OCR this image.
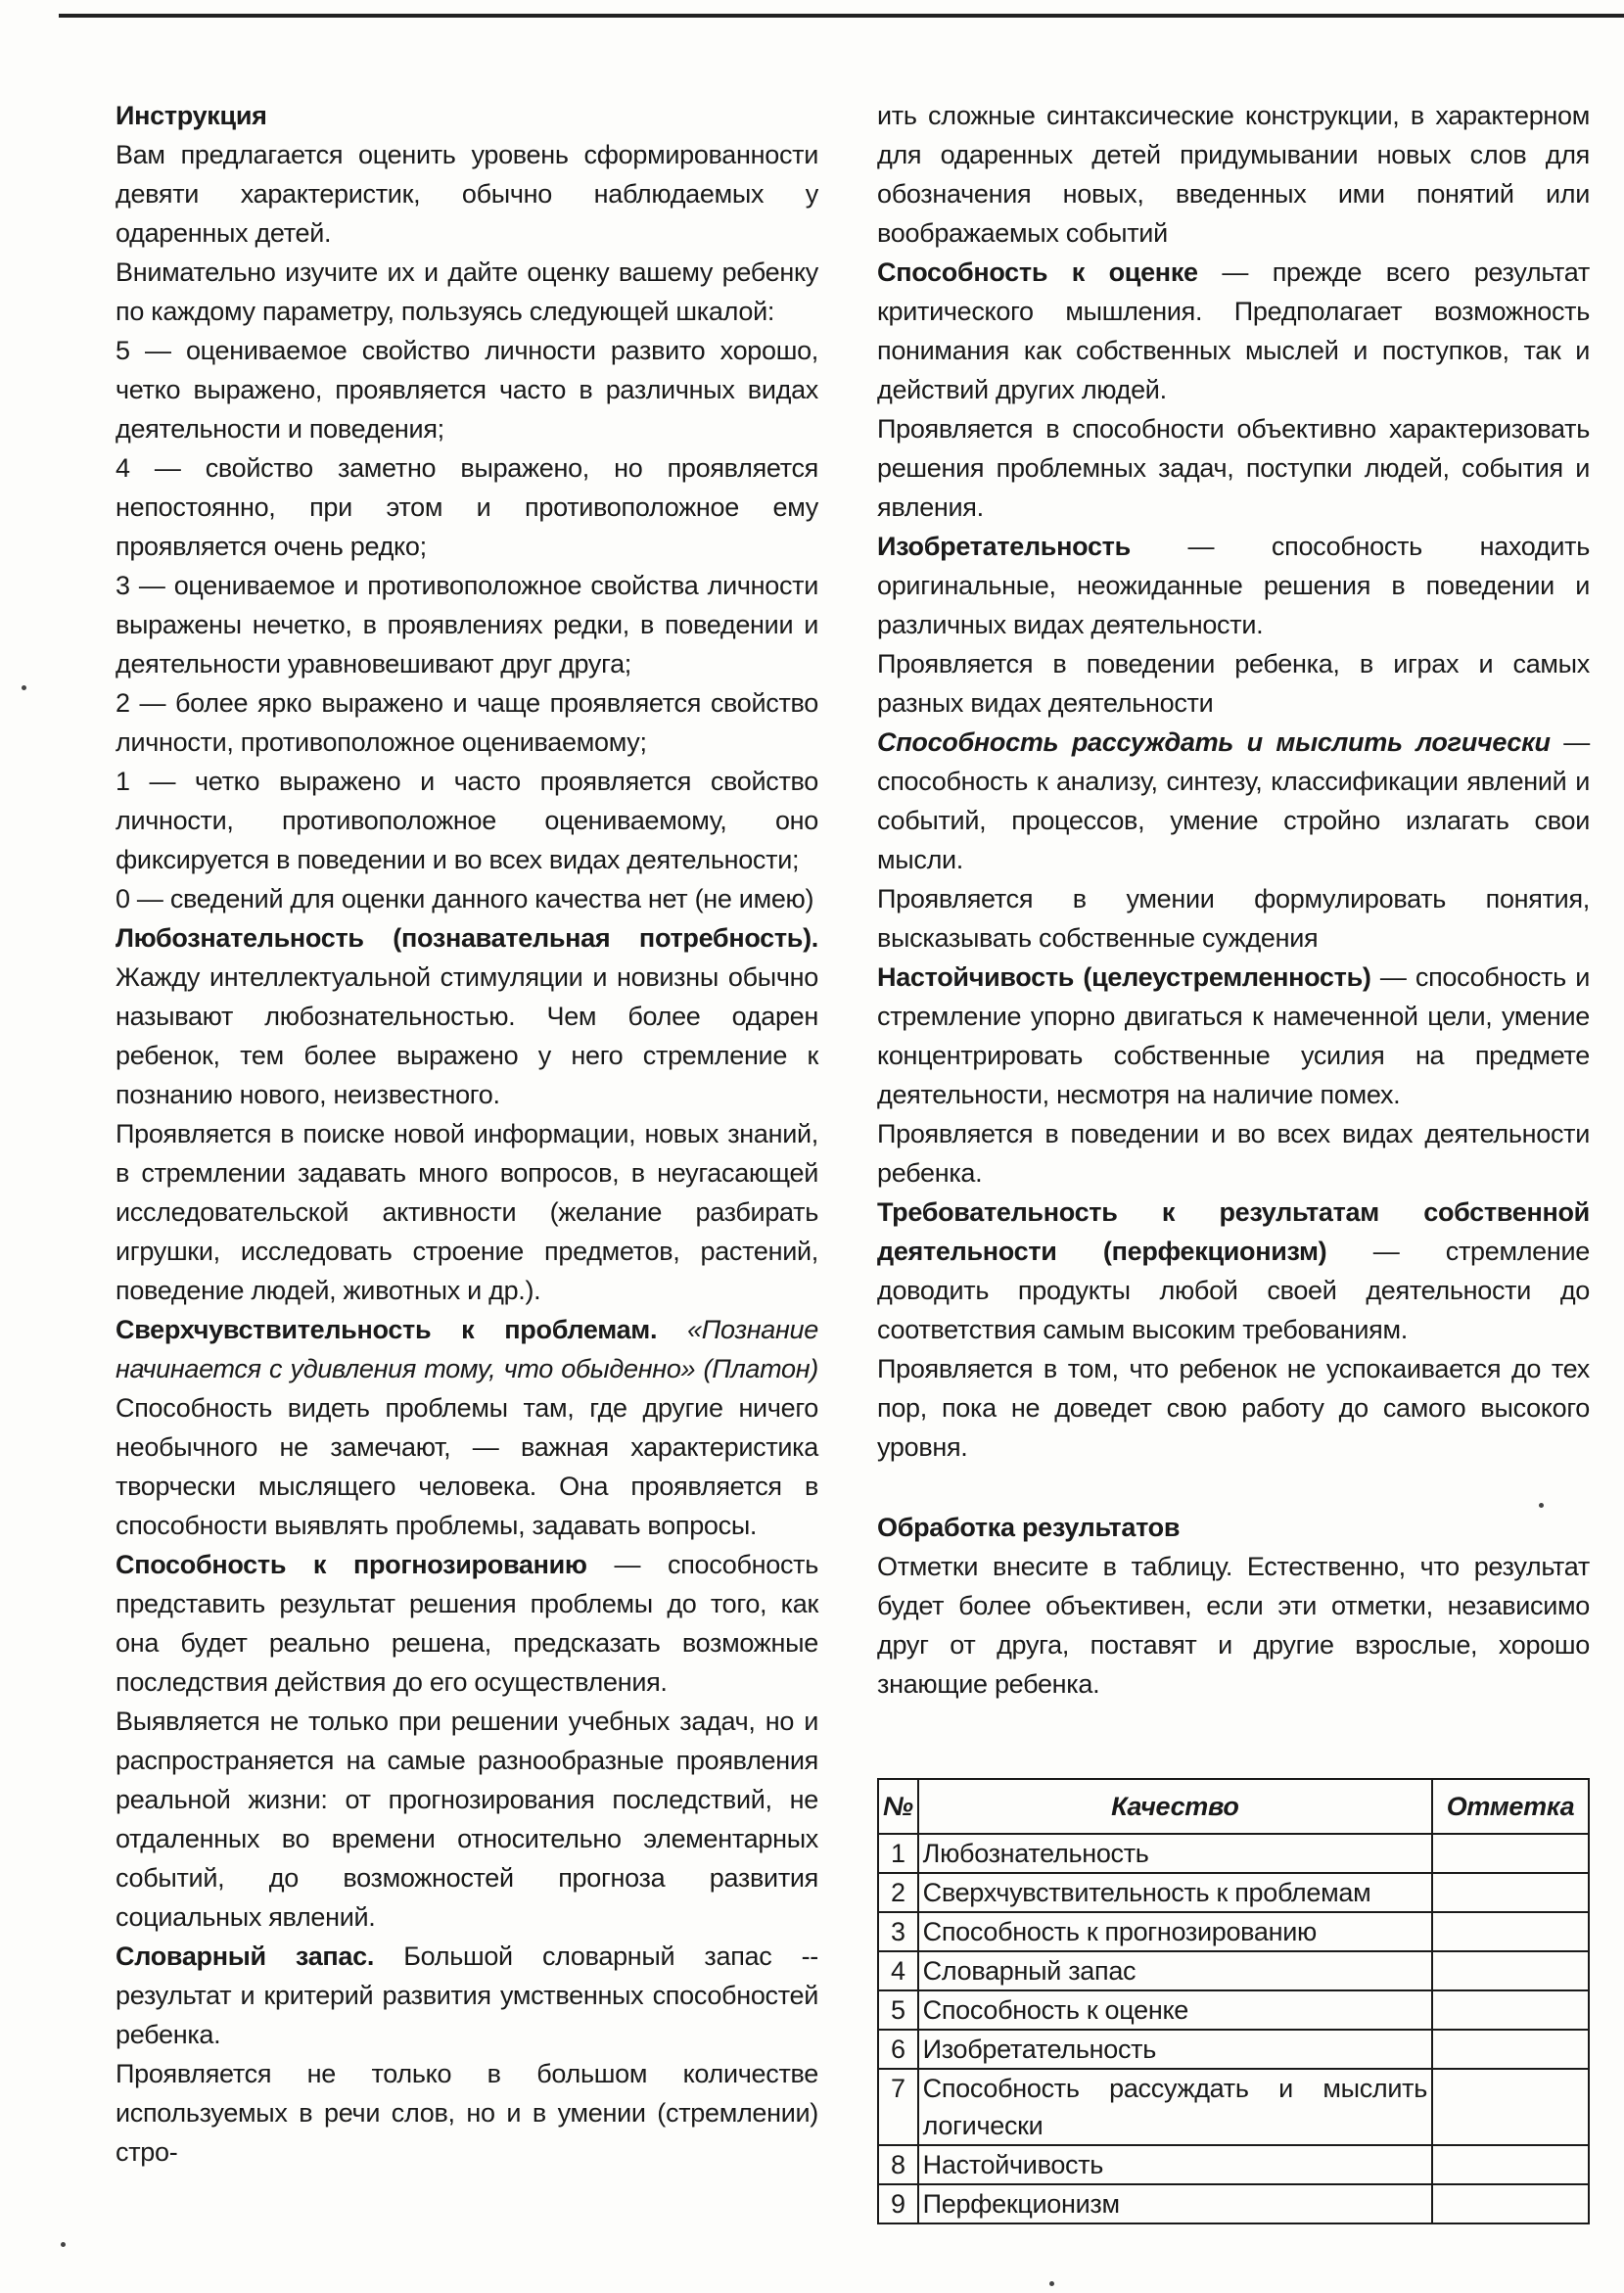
Инструкция

Вам предлагается оценить уровень сформированности девяти характеристик, обычно наблюдаемых у одаренных детей.

Внимательно изучите их и дайте оценку вашему ребенку по каждому параметру, пользуясь следующей шкалой:

5 — оцениваемое свойство личности развито хорошо, четко выражено, проявляется часто в различных видах деятельности и поведения;

4 — свойство заметно выражено, но проявляется непостоянно, при этом и противоположное ему проявляется очень редко;

3 — оцениваемое и противоположное свойства личности выражены нечетко, в проявлениях редки, в поведении и деятельности уравновешивают друг друга;

2 — более ярко выражено и чаще проявляется свойство личности, противоположное оцениваемому;

1 — четко выражено и часто проявляется свойство личности, противоположное оцениваемому, оно фиксируется в поведении и во всех видах деятельности;

0 — сведений для оценки данного качества нет (не имею)

Любознательность (познавательная потребность). Жажду интеллектуальной стимуляции и новизны обычно называют любознательностью. Чем более одарен ребенок, тем более выражено у него стремление к познанию нового, неизвестного.

Проявляется в поиске новой информации, новых знаний, в стремлении задавать много вопросов, в неугасающей исследовательской активности (желание разбирать игрушки, исследовать строение предметов, растений, поведение людей, животных и др.).

Сверхчувствительность к проблемам. «Познание начинается с удивления тому, что обыденно» (Платон) Способность видеть проблемы там, где другие ничего необычного не замечают, — важная характеристика творчески мыслящего человека. Она проявляется в способности выявлять проблемы, задавать вопросы.

Способность к прогнозированию — способность представить результат решения проблемы до того, как она будет реально решена, предсказать возможные последствия действия до его осуществления.

Выявляется не только при решении учебных задач, но и распространяется на самые разнообразные проявления реальной жизни: от прогнозирования последствий, не отдаленных во времени относительно элементарных событий, до возможностей прогноза развития социальных явлений.

Словарный запас. Большой словарный запас -- результат и критерий развития умственных способностей ребенка.

Проявляется не только в большом количестве используемых в речи слов, но и в умении (стремлении) стро-

ить сложные синтаксические конструкции, в характерном для одаренных детей придумывании новых слов для обозначения новых, введенных ими понятий или воображаемых событий

Способность к оценке — прежде всего результат критического мышления. Предполагает возможность понимания как собственных мыслей и поступков, так и действий других людей.

Проявляется в способности объективно характеризовать решения проблемных задач, поступки людей, события и явления.

Изобретательность — способность находить оригинальные, неожиданные решения в поведении и различных видах деятельности.

Проявляется в поведении ребенка, в играх и самых разных видах деятельности

Способность рассуждать и мыслить логически — способность к анализу, синтезу, классификации явлений и событий, процессов, умение стройно излагать свои мысли.

Проявляется в умении формулировать понятия, высказывать собственные суждения

Настойчивость (целеустремленность) — способность и стремление упорно двигаться к намеченной цели, умение концентрировать собственные усилия на предмете деятельности, несмотря на наличие помех.

Проявляется в поведении и во всех видах деятельности ребенка.

Требовательность к результатам собственной деятельности (перфекционизм) — стремление доводить продукты любой своей деятельности до соответствия самым высоким требованиям.

Проявляется в том, что ребенок не успокаивается до тех пор, пока не доведет свою работу до самого высокого уровня.

Обработка результатов

Отметки внесите в таблицу. Естественно, что результат будет более объективен, если эти отметки, независимо друг от друга, поставят и другие взрослые, хорошо знающие ребенка.

№	Качество	Отметка
1	Любознательность	
2	Сверхчувствительность к проблемам	
3	Способность к прогнозированию	
4	Словарный запас	
5	Способность к оценке	
6	Изобретательность	
7	Способность рассуждать и мыслить логически	
8	Настойчивость	
9	Перфекционизм	
